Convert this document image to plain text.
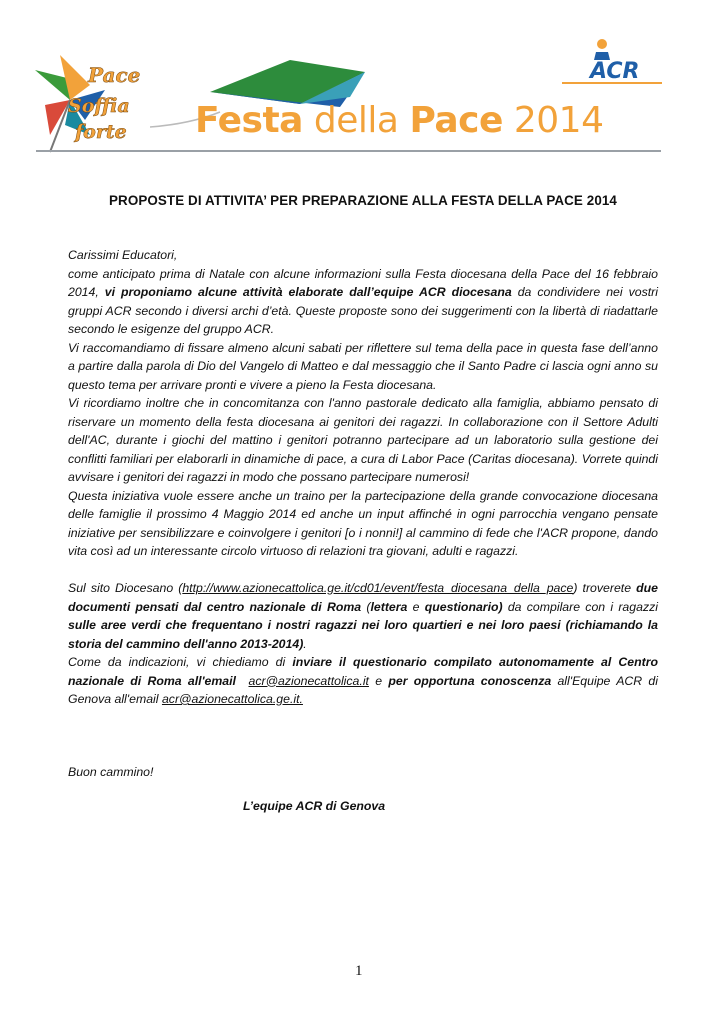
Pace
Soffia
forte
ACR
Festa della Pace 2014
PROPOSTE DI ATTIVITA’ PER PREPARAZIONE ALLA FESTA DELLA PACE 2014

Carissimi Educatori,

come anticipato prima di Natale con alcune informazioni sulla Festa diocesana della Pace del 16 febbraio 2014, vi proponiamo alcune attività elaborate dall’equipe ACR diocesana da condividere nei vostri gruppi ACR secondo i diversi archi d’età. Queste proposte sono dei suggerimenti con la libertà di riadattarle secondo le esigenze del gruppo ACR.

Vi raccomandiamo di fissare almeno alcuni sabati per riflettere sul tema della pace in questa fase dell’anno a partire dalla parola di Dio del Vangelo di Matteo e dal messaggio che il Santo Padre ci lascia ogni anno su questo tema per arrivare pronti e vivere a pieno la Festa diocesana.

Vi ricordiamo inoltre che in concomitanza con l'anno pastorale dedicato alla famiglia, abbiamo pensato di riservare un momento della festa diocesana ai genitori dei ragazzi. In collaborazione con il Settore Adulti dell'AC, durante i giochi del mattino i genitori potranno partecipare ad un laboratorio sulla gestione dei conflitti familiari per elaborarli in dinamiche di pace, a cura di Labor Pace (Caritas diocesana). Vorrete quindi avvisare i genitori dei ragazzi in modo che possano partecipare numerosi!

Questa iniziativa vuole essere anche un traino per la partecipazione della grande convocazione diocesana delle famiglie il prossimo 4 Maggio 2014 ed anche un input affinché in ogni parrocchia vengano pensate iniziative per sensibilizzare e coinvolgere i genitori [o i nonni!] al cammino di fede che l'ACR propone, dando vita così ad un interessante circolo virtuoso di relazioni tra giovani, adulti e ragazzi.

Sul sito Diocesano (http://www.azionecattolica.ge.it/cd01/event/festa_diocesana_della_pace) troverete due documenti pensati dal centro nazionale di Roma (lettera e questionario) da compilare con i ragazzi sulle aree verdi che frequentano i nostri ragazzi nei loro quartieri e nei loro paesi (richiamando la storia del cammino dell'anno 2013-2014).

Come da indicazioni, vi chiediamo di inviare il questionario compilato autonomamente al Centro nazionale di Roma all'email acr@azionecattolica.it e per opportuna conoscenza all'Equipe ACR di Genova all'email acr@azionecattolica.ge.it.

Buon cammino!
L’equipe ACR di Genova
1
